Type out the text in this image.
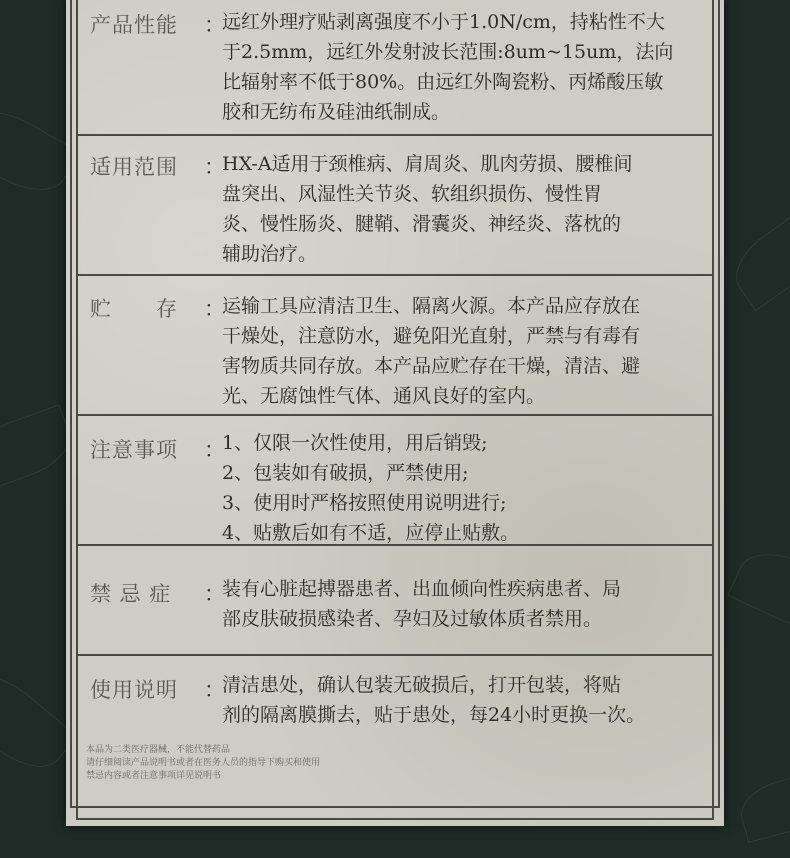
产品性能 ：
远红外理疗贴剥离强度不小于1.0N/cm，持粘性不大
于2.5mm，远红外发射波长范围:8um~15um，法向
比辐射率不低于80%。由远红外陶瓷粉、丙烯酸压敏
胶和无纺布及硅油纸制成。
适用范围 ：
HX-A适用于颈椎病、肩周炎、肌肉劳损、腰椎间
盘突出、风湿性关节炎、软组织损伤、慢性胃
炎、慢性肠炎、腱鞘、滑囊炎、神经炎、落枕的
辅助治疗。
贮　　存 ：
运输工具应清洁卫生、隔离火源。本产品应存放在
干燥处，注意防水，避免阳光直射，严禁与有毒有
害物质共同存放。本产品应贮存在干燥，清洁、避
光、无腐蚀性气体、通风良好的室内。
注意事项 ：
1、仅限一次性使用，用后销毁;
2、包装如有破损，严禁使用;
3、使用时严格按照使用说明进行;
4、贴敷后如有不适，应停止贴敷。
禁 忌 症 ：
装有心脏起搏器患者、出血倾向性疾病患者、局
部皮肤破损感染者、孕妇及过敏体质者禁用。
使用说明 ：
清洁患处，确认包装无破损后，打开包装，将贴
剂的隔离膜撕去，贴于患处，每24小时更换一次。
本品为二类医疗器械，不能代替药品
请仔细阅读产品说明书或者在医务人员的指导下购买和使用
禁忌内容或者注意事项详见说明书
